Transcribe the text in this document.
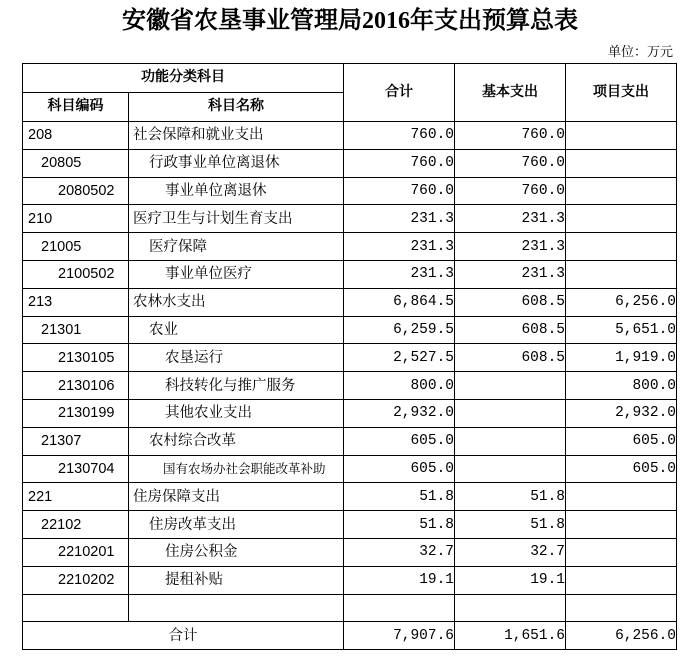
安徽省农垦事业管理局2016年支出预算总表
单位：万元
功能分类科目		合计	基本支出	项目支出
科目编码	科目名称			
208	社会保障和就业支出	760.0	760.0	
20805	行政事业单位离退休	760.0	760.0	
2080502	事业单位离退休	760.0	760.0	
210	医疗卫生与计划生育支出	231.3	231.3	
21005	医疗保障	231.3	231.3	
2100502	事业单位医疗	231.3	231.3	
213	农林水支出	6,864.5	608.5	6,256.0
21301	农业	6,259.5	608.5	5,651.0
2130105	农垦运行	2,527.5	608.5	1,919.0
2130106	科技转化与推广服务	800.0		800.0
2130199	其他农业支出	2,932.0		2,932.0
21307	农村综合改革	605.0		605.0
2130704	国有农场办社会职能改革补助	605.0		605.0
221	住房保障支出	51.8	51.8	
22102	住房改革支出	51.8	51.8	
2210201	住房公积金	32.7	32.7	
2210202	提租补贴	19.1	19.1	

合计		7,907.6	1,651.6	6,256.0
